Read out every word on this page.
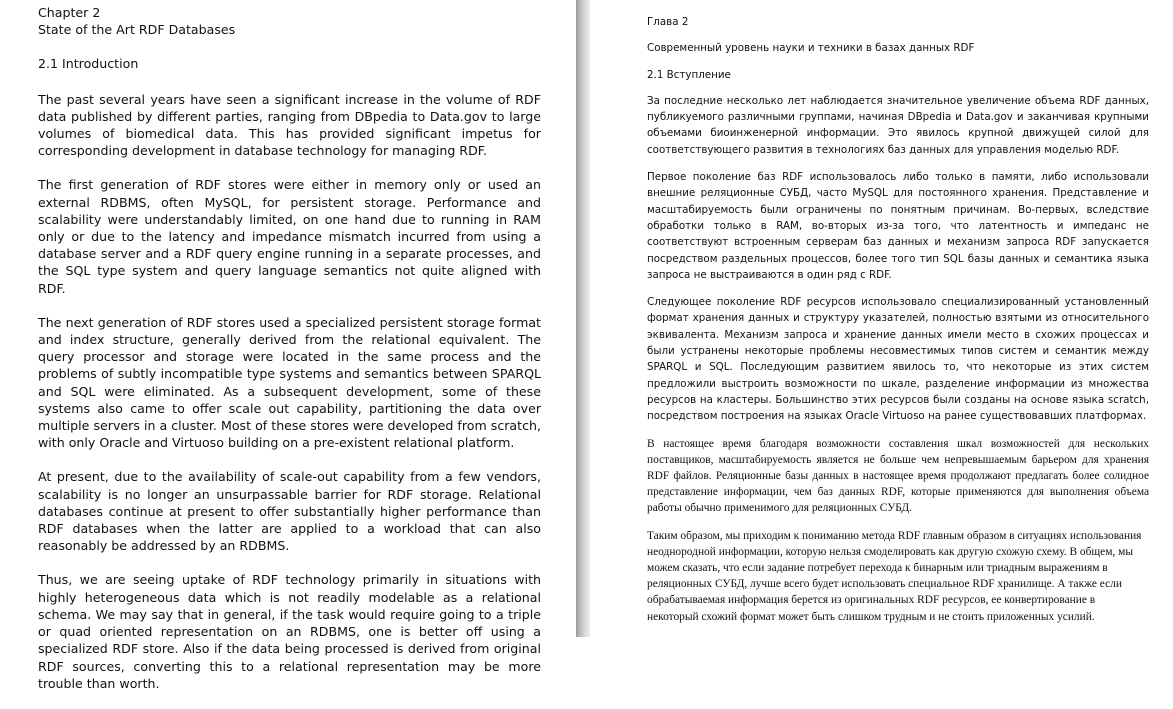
Chapter 2
State of the Art RDF Databases
2.1 Introduction

The past several years have seen a significant increase in the volume of RDF data published by different parties, ranging from DBpedia to Data.gov to large volumes of biomedical data. This has provided significant impetus for corresponding development in database technology for managing RDF.

The first generation of RDF stores were either in memory only or used an external RDBMS, often MySQL, for persistent storage. Performance and scalability were understandably limited, on one hand due to running in RAM only or due to the latency and impedance mismatch incurred from using a database server and a RDF query engine running in a separate processes, and the SQL type system and query language semantics not quite aligned with RDF.

The next generation of RDF stores used a specialized persistent storage format and index structure, generally derived from the relational equivalent. The query processor and storage were located in the same process and the problems of subtly incompatible type systems and semantics between SPARQL and SQL were eliminated. As a subsequent development, some of these systems also came to offer scale out capability, partitioning the data over multiple servers in a cluster. Most of these stores were developed from scratch, with only Oracle and Virtuoso building on a pre-existent relational platform.

At present, due to the availability of scale-out capability from a few vendors, scalability is no longer an unsurpassable barrier for RDF storage. Relational databases continue at present to offer substantially higher performance than RDF databases when the latter are applied to a workload that can also reasonably be addressed by an RDBMS.

Thus, we are seeing uptake of RDF technology primarily in situations with highly heterogeneous data which is not readily modelable as a relational schema. We may say that in general, if the task would require going to a triple or quad oriented representation on an RDBMS, one is better off using a specialized RDF store. Also if the data being processed is derived from original RDF sources, converting this to a relational representation may be more trouble than worth.

Глава 2
Современный уровень науки и техники в базах данных RDF
2.1 Вступление

За последние несколько лет наблюдается значительное увеличение объема RDF данных, публикуемого различными группами, начиная DBpedia и Data.gov и заканчивая крупными объемами биоинженерной информации. Это явилось крупной движущей силой для соответствующего развития в технологиях баз данных для управления моделью RDF.

Первое поколение баз RDF использовалось либо только в памяти, либо использовали внешние реляционные СУБД, часто MySQL для постоянного хранения. Представление и масштабируемость были ограничены по понятным причинам. Во-первых, вследствие обработки только в RAM, во-вторых из-за того, что латентность и импеданс не соответствуют встроенным серверам баз данных и механизм запроса RDF запускается посредством раздельных процессов, более того тип SQL базы данных и семантика языка запроса не выстраиваются в один ряд с RDF.

Следующее поколение RDF ресурсов использовало специализированный установленный формат хранения данных и структуру указателей, полностью взятыми из относительного эквивалента. Механизм запроса и хранение данных имели место в схожих процессах и были устранены некоторые проблемы несовместимых типов систем и семантик между SPARQL и SQL. Последующим развитием явилось то, что некоторые из этих систем предложили выстроить возможности по шкале, разделение информации из множества ресурсов на кластеры. Большинство этих ресурсов были созданы на основе языка scratch, посредством построения на языках Oracle Virtuoso на ранее существовавших платформах.

В настоящее время благодаря возможности составления шкал возможностей для нескольких поставщиков, масштабируемость является не больше чем непревышаемым барьером для хранения RDF файлов. Реляционные базы данных в настоящее время продолжают предлагать более солидное представление информации, чем баз данных RDF, которые применяются для выполнения объема работы обычно применимого для реляционных СУБД.

Таким образом, мы приходим к пониманию метода RDF главным образом в ситуациях использования неоднородной информации, которую нельзя смоделировать как другую схожую схему. В общем, мы можем сказать, что если задание потребует перехода к бинарным или триадным выражениям в реляционных СУБД, лучше всего будет использовать специальное RDF хранилище. А также если обрабатываемая информация берется из оригинальных RDF ресурсов, ее конвертирование в некоторый схожий формат может быть слишком трудным и не стоить приложенных усилий.
